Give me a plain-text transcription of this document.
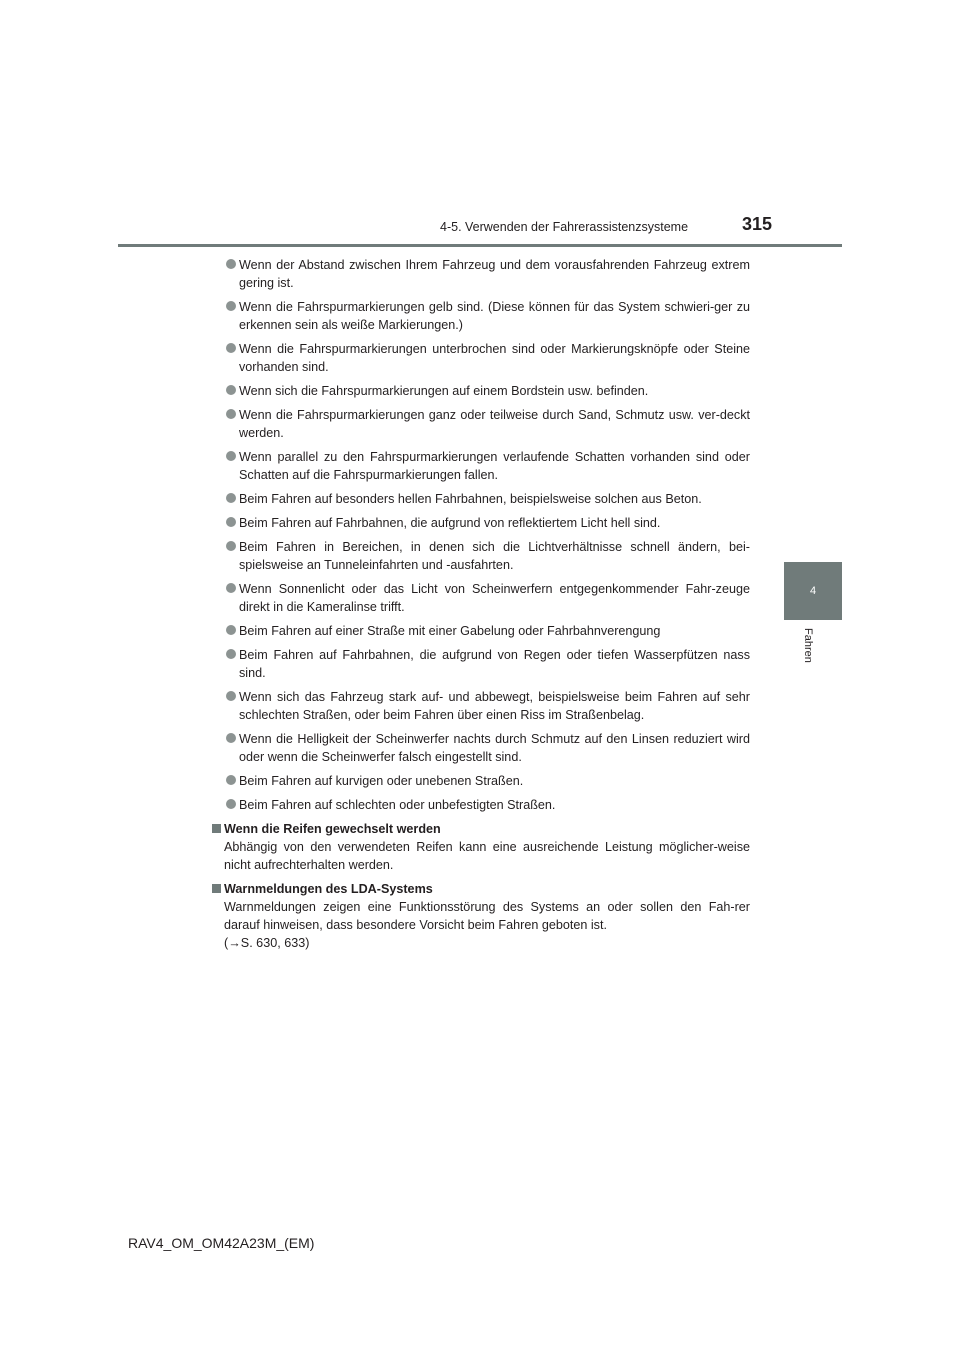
4-5. Verwenden der Fahrerassistenzsysteme	315
4
Fahren
Wenn der Abstand zwischen Ihrem Fahrzeug und dem vorausfahrenden Fahrzeug extrem gering ist.
Wenn die Fahrspurmarkierungen gelb sind. (Diese können für das System schwieri-ger zu erkennen sein als weiße Markierungen.)
Wenn die Fahrspurmarkierungen unterbrochen sind oder Markierungsknöpfe oder Steine vorhanden sind.
Wenn sich die Fahrspurmarkierungen auf einem Bordstein usw. befinden.
Wenn die Fahrspurmarkierungen ganz oder teilweise durch Sand, Schmutz usw. ver-deckt werden.
Wenn parallel zu den Fahrspurmarkierungen verlaufende Schatten vorhanden sind oder Schatten auf die Fahrspurmarkierungen fallen.
Beim Fahren auf besonders hellen Fahrbahnen, beispielsweise solchen aus Beton.
Beim Fahren auf Fahrbahnen, die aufgrund von reflektiertem Licht hell sind.
Beim Fahren in Bereichen, in denen sich die Lichtverhältnisse schnell ändern, bei-spielsweise an Tunneleinfahrten und -ausfahrten.
Wenn Sonnenlicht oder das Licht von Scheinwerfern entgegenkommender Fahr-zeuge direkt in die Kameralinse trifft.
Beim Fahren auf einer Straße mit einer Gabelung oder Fahrbahnverengung
Beim Fahren auf Fahrbahnen, die aufgrund von Regen oder tiefen Wasserpfützen nass sind.
Wenn sich das Fahrzeug stark auf- und abbewegt, beispielsweise beim Fahren auf sehr schlechten Straßen, oder beim Fahren über einen Riss im Straßenbelag.
Wenn die Helligkeit der Scheinwerfer nachts durch Schmutz auf den Linsen reduziert wird oder wenn die Scheinwerfer falsch eingestellt sind.
Beim Fahren auf kurvigen oder unebenen Straßen.
Beim Fahren auf schlechten oder unbefestigten Straßen.
Wenn die Reifen gewechselt werden
Abhängig von den verwendeten Reifen kann eine ausreichende Leistung möglicher-weise nicht aufrechterhalten werden.
Warnmeldungen des LDA-Systems
Warnmeldungen zeigen eine Funktionsstörung des Systems an oder sollen den Fah-rer darauf hinweisen, dass besondere Vorsicht beim Fahren geboten ist.
(→S. 630, 633)
RAV4_OM_OM42A23M_(EM)
